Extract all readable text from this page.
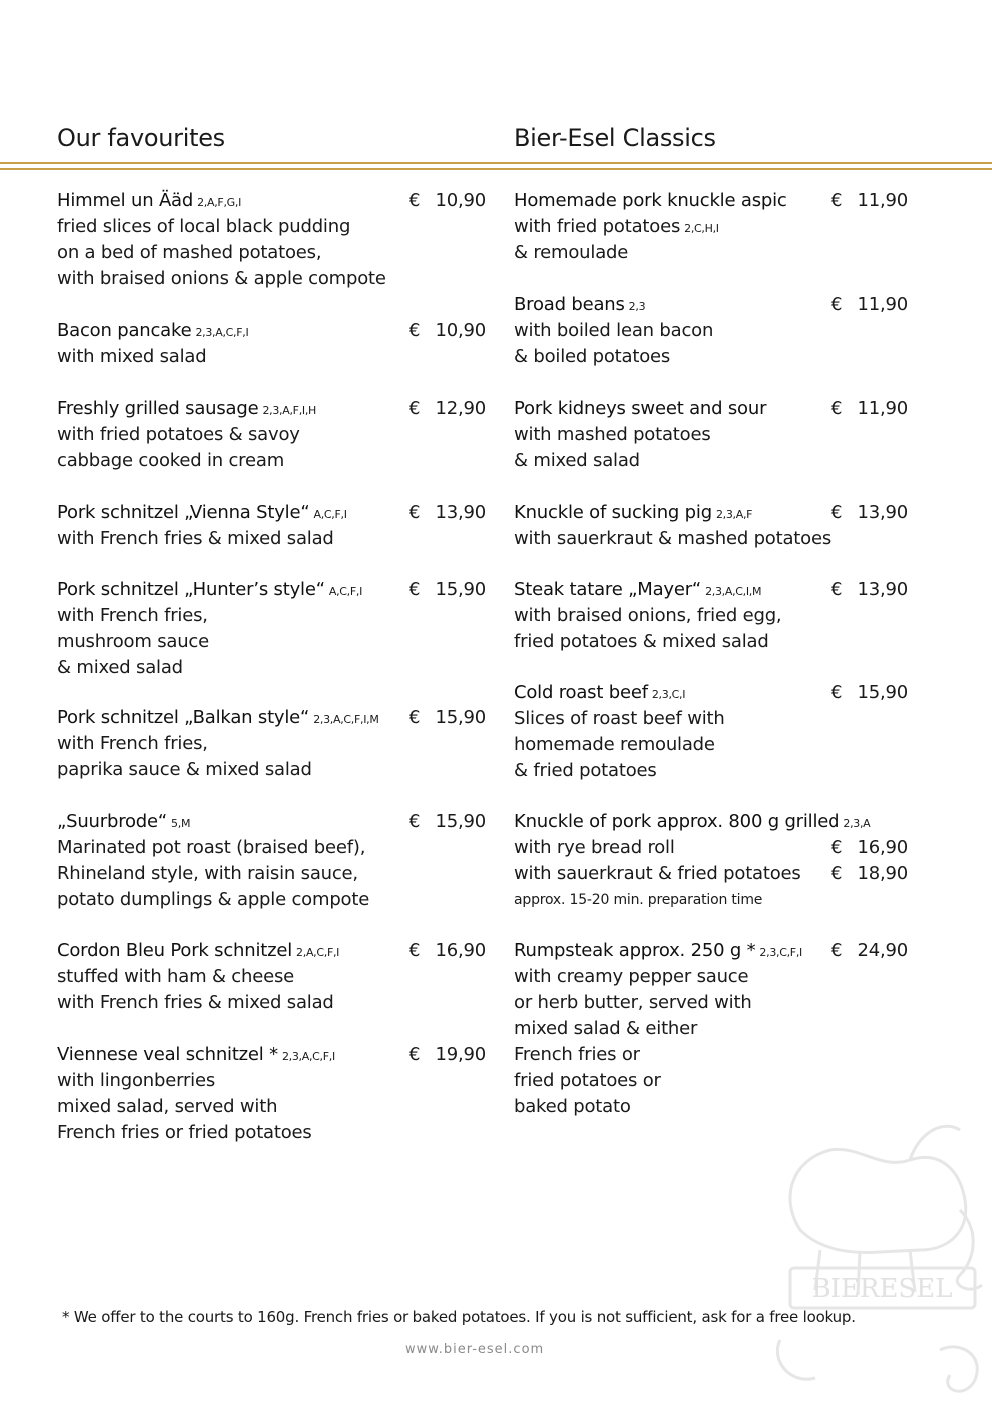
Our favourites	Bier-Esel Classics
Himmel un Ääd 2,A,F,G,I	€ 10,90
fried slices of local black pudding
on a bed of mashed potatoes,
with braised onions & apple compote
Bacon pancake 2,3,A,C,F,I	€ 10,90
with mixed salad
Freshly grilled sausage 2,3,A,F,I,H	€ 12,90
with fried potatoes & savoy
cabbage cooked in cream
Pork schnitzel „Vienna Style“ A,C,F,I	€ 13,90
with French fries & mixed salad
Pork schnitzel „Hunter’s style“ A,C,F,I	€ 15,90
with French fries,
mushroom sauce
& mixed salad
Pork schnitzel „Balkan style“ 2,3,A,C,F,I,M € 15,90
with French fries,
paprika sauce & mixed salad
„Suurbrode“ 5,M	€ 15,90
Marinated pot roast (braised beef),
Rhineland style, with raisin sauce,
potato dumplings & apple compote
Cordon Bleu Pork schnitzel 2,A,C,F,I	€ 16,90
stuffed with ham & cheese
with French fries & mixed salad
Viennese veal schnitzel * 2,3,A,C,F,I	€ 19,90
with lingonberries
mixed salad, served with
French fries or fried potatoes
Homemade pork knuckle aspic € 11,90
with fried potatoes 2,C,H,I
& remoulade
Broad beans 2,3	€ 11,90
with boiled lean bacon
& boiled potatoes
Pork kidneys sweet and sour	€ 11,90
with mashed potatoes
& mixed salad
Knuckle of sucking pig 2,3,A,F	€ 13,90
with sauerkraut & mashed potatoes
Steak tatare „Mayer“ 2,3,A,C,I,M	€ 13,90
with braised onions, fried egg,
fried potatoes & mixed salad
Cold roast beef 2,3,C,I	€ 15,90
Slices of roast beef with
homemade remoulade
& fried potatoes
Knuckle of pork approx. 800 g grilled 2,3,A
with rye bread roll	€ 16,90
with sauerkraut & fried potatoes € 18,90
approx. 15-20 min. preparation time
Rumpsteak approx. 250 g * 2,3,C,F,I € 24,90
with creamy pepper sauce
or herb butter, served with
mixed salad & either
French fries or
fried potatoes or
baked potato
* We offer to the courts to 160g. French fries or baked potatoes. If you is not sufficient, ask for a free lookup.
www.bier-esel.com
BIERESEL
